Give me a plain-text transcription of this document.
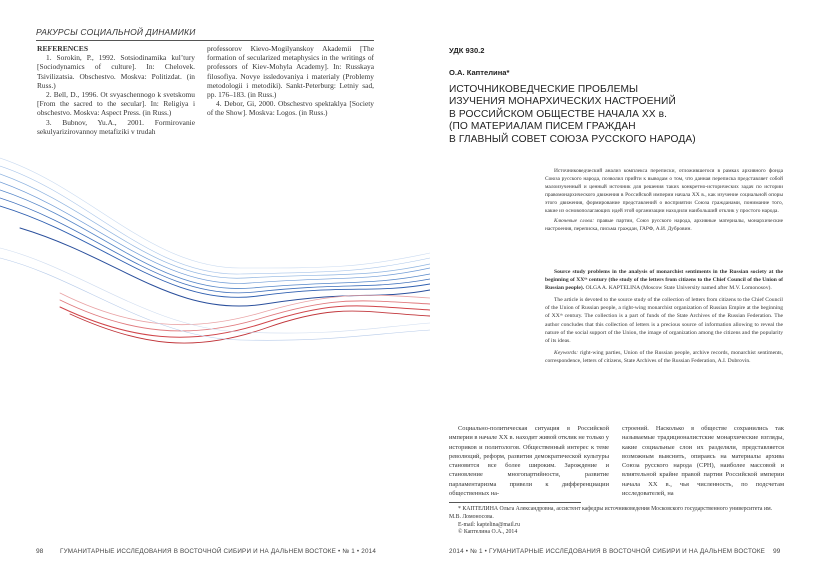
РАКУРСЫ СОЦИАЛЬНОЙ ДИНАМИКИ

REFERENCES

1. Sorokin, P., 1992. Sotsiodinamika kul’tury [Sociodynamics of culture]. In: Chelovek. Tsivilizatsia. Obschestvo. Moskva: Politizdat. (in Russ.)

2. Bell, D., 1996. Ot svyaschennogo k svetskomu [From the sacred to the secular]. In: Religiya i obschestvo. Moskva: Aspect Press. (in Russ.)

3. Bubnov, Yu.A., 2001. Formirovanie sekulyarizirovannoy metafiziki v trudah

professorov Kievo-Mogilyanskoy Akademii [The formation of secularized metaphysics in the writings of professors of Kiev-Mohyla Academy]. In: Russkaya filosofiya. Novye issledovaniya i materialy (Problemy metodologii i metodiki). Sankt-Peterburg: Letniy sad, pp. 176–183. (in Russ.)

4. Debor, Gi, 2000. Obschestvo spektaklya [Society of the Show]. Moskva: Logos. (in Russ.)

УДК 930.2
О.А. Каптелина*
ИСТОЧНИКОВЕДЧЕСКИЕ ПРОБЛЕМЫ
ИЗУЧЕНИЯ МОНАРХИЧЕСКИХ НАСТРОЕНИЙ
В РОССИЙСКОМ ОБЩЕСТВЕ НАЧАЛА XX в.
(ПО МАТЕРИАЛАМ ПИСЕМ ГРАЖДАН
В ГЛАВНЫЙ СОВЕТ СОЮЗА РУССКОГО НАРОДА)

Источниковедческий анализ комплекса переписки, отложившегося в рамках архивного фонда Союза русского народа, позволил прийти к выводам о том, что данная переписка представляет собой малоизученный и ценный источник для решения таких конкретно-исторических задач по истории правомонархического движения в Российской империи начала XX в., как изучение социальной опоры этого движения, формирование представлений о восприятии Союза гражданами, понимание того, какие из основополагающих идей этой организации находили наибольший отклик у простого народа.

Ключевые слова: правые партии, Союз русского народа, архивные материалы, монархические настроения, переписка, письма граждан, ГАРФ, А.И. Дубровин.

Source study problems in the analysis of monarchist sentiments in the Russian society at the beginning of XXᵗʰ century (the study of the letters from citizens to the Chief Council of the Union of Russian people). OLGA A. KAPTELINA (Moscow State University named after M.V. Lomonosov).

The article is devoted to the source study of the collection of letters from citizens to the Chief Council of the Union of Russian people, a right-wing monarchist organization of Russian Empire at the beginning of XXᵗʰ century. The collection is a part of funds of the State Archives of the Russian Federation. The author concludes that this collection of letters is a precious source of information allowing to reveal the nature of the social support of the Union, the image of organization among the citizens and the popularity of its ideas.

Keywords: right-wing parties, Union of the Russian people, archive records, monarchist sentiments, correspondence, letters of citizens, State Archives of the Russian Federation, A.I. Dubrovin.

Социально-политическая ситуация в Российской империи в начале XX в. находит живой отклик не только у историков и политологов. Общественный интерес к теме революций, реформ, развития демократической культуры становится все более широким. Зарождение и становление многопартийности, развитие парламентаризма привели к дифференциации общественных на-

строений. Насколько в обществе сохранились так называемые традиционалистские монархические взгляды, какие социальные слои их разделяли, представляется возможным выяснить, опираясь на материалы архива Союза русского народа (СРН), наиболее массовой и влиятельной крайне правой партии Российской империи начала XX в., чья численность, по подсчетам исследователей, на

* КАПТЕЛИНА Ольга Александровна, ассистент кафедры источниковедения Московского государственного университета им. М.В. Ломоносова.

E-mail: kaptelina@mail.ru

© Каптелина О.А., 2014

98	ГУМАНИТАРНЫЕ ИССЛЕДОВАНИЯ В ВОСТОЧНОЙ СИБИРИ И НА ДАЛЬНЕМ ВОСТОКЕ • № 1 • 2014	2014 • № 1 • ГУМАНИТАРНЫЕ ИССЛЕДОВАНИЯ В ВОСТОЧНОЙ СИБИРИ И НА ДАЛЬНЕМ ВОСТОКЕ 99
